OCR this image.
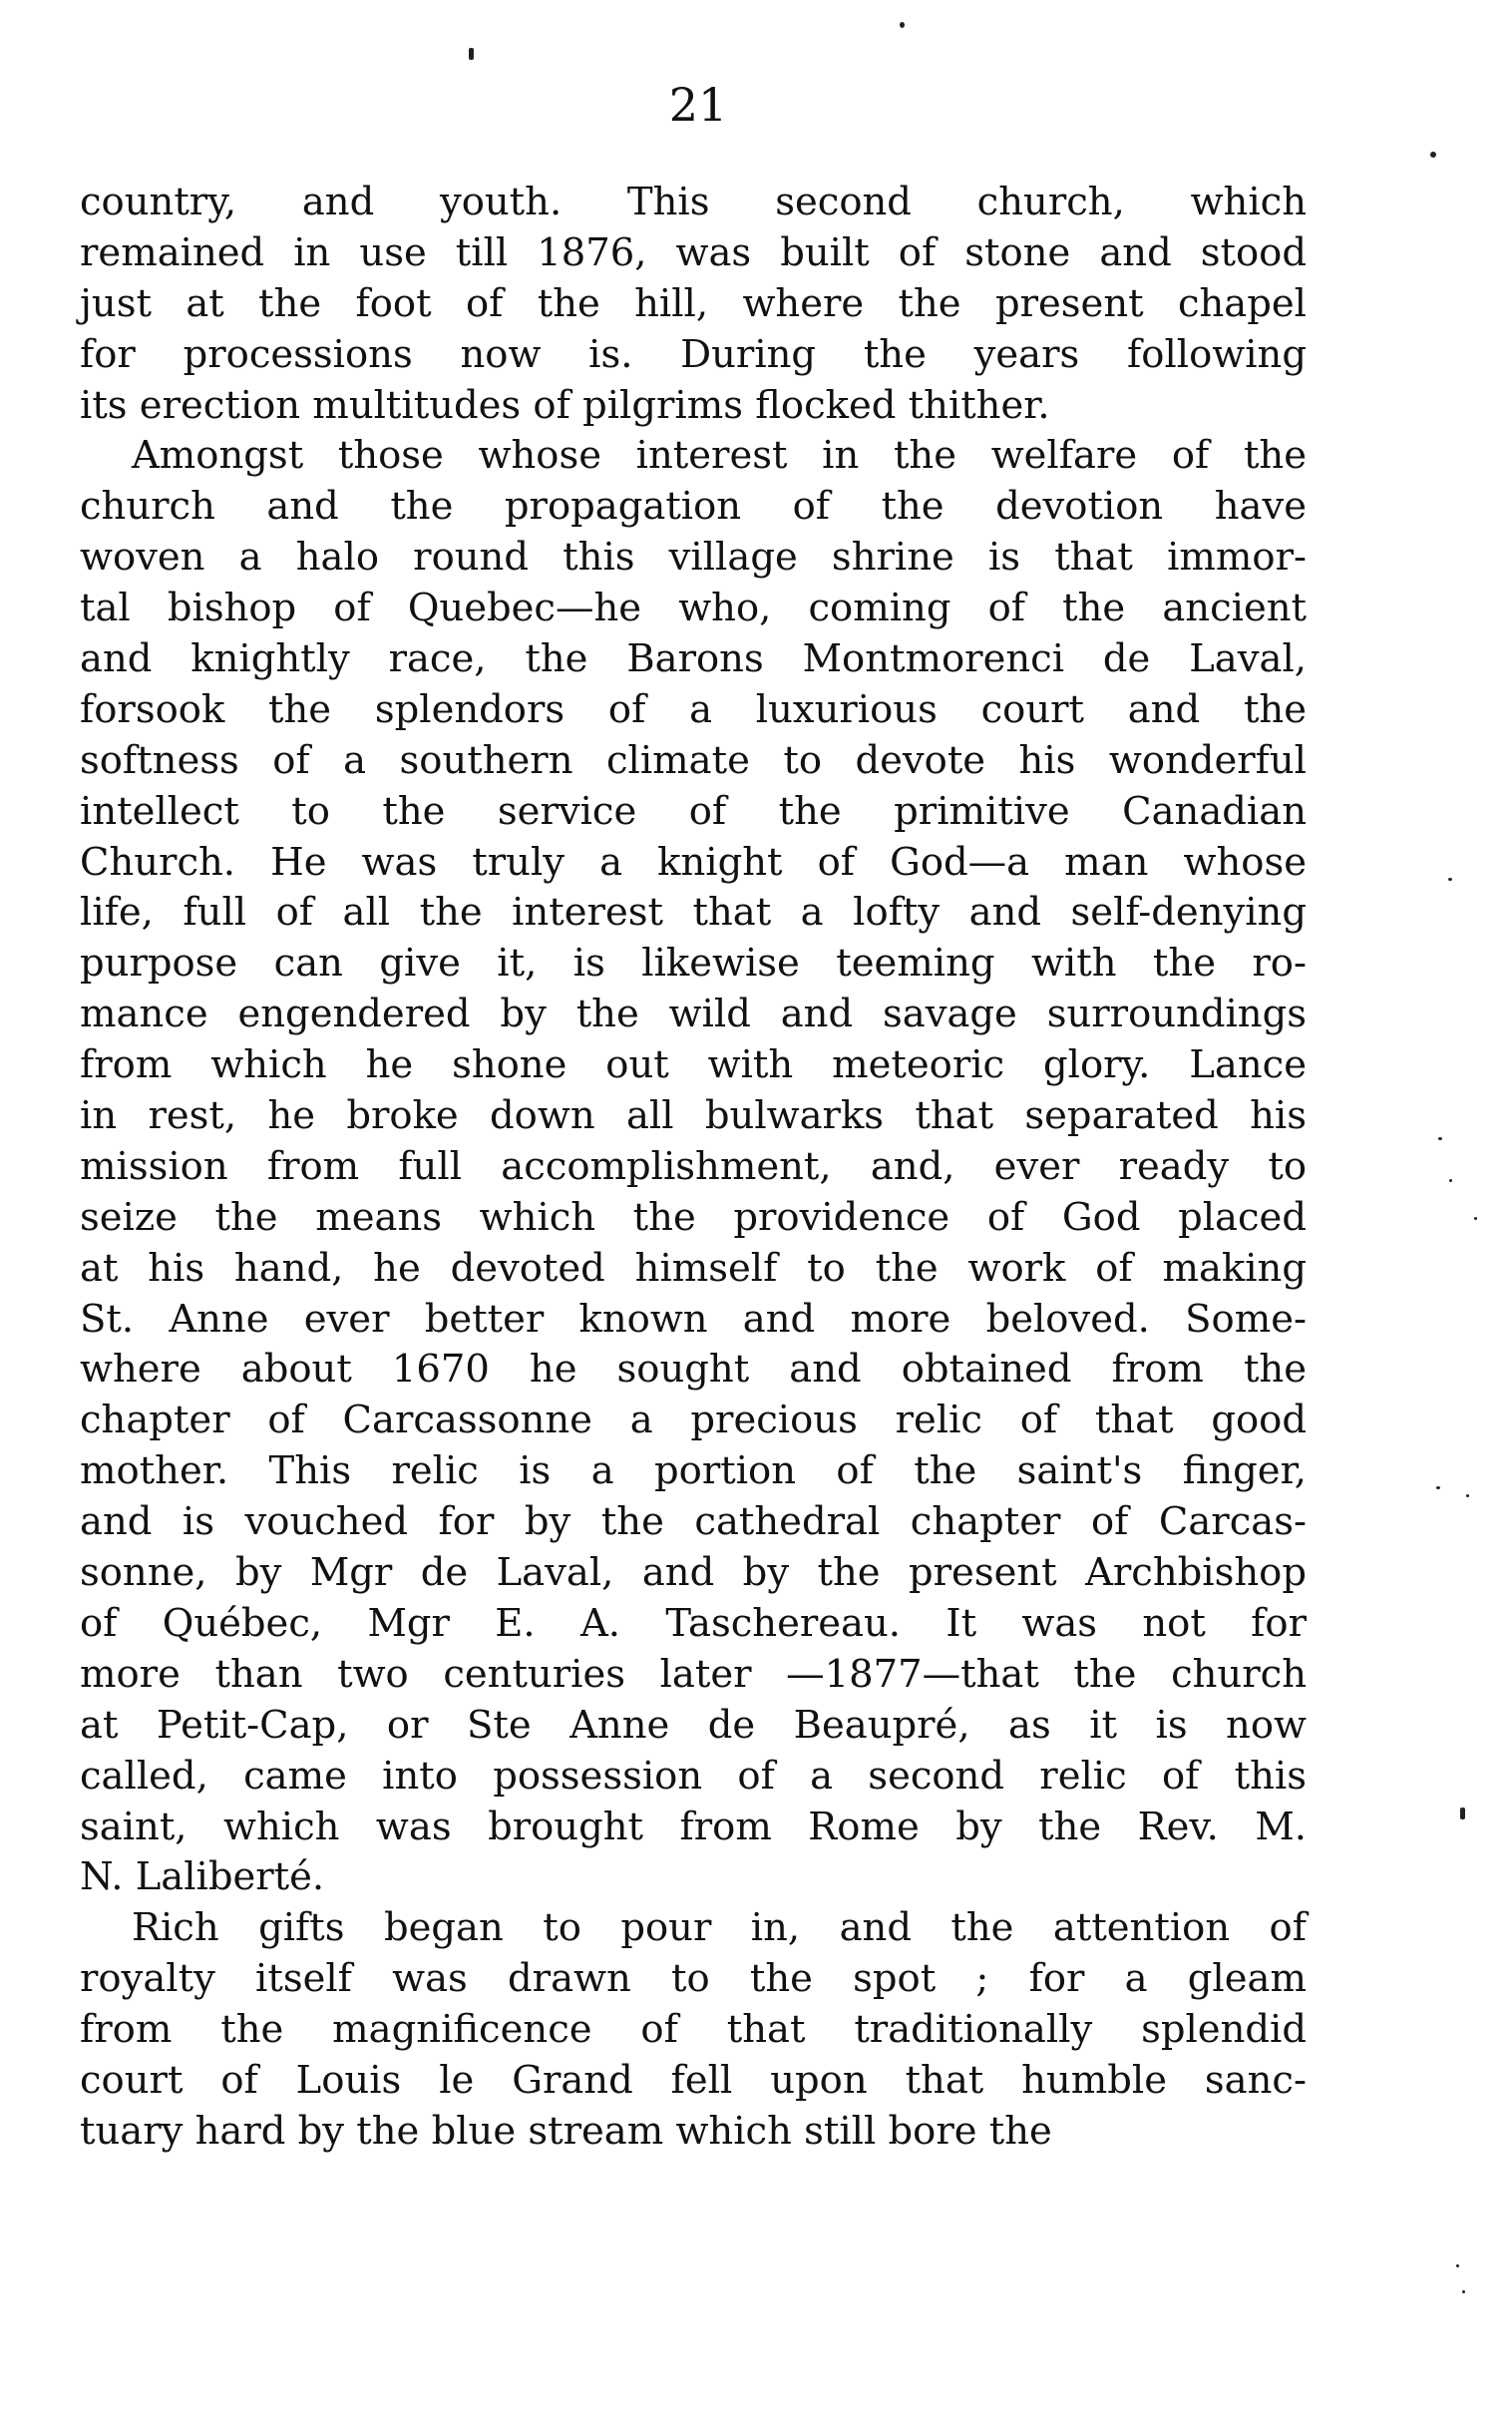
21
country, and youth. This second church, which
remained in use till 1876, was built of stone and stood
just at the foot of the hill, where the present chapel
for processions now is. During the years following
its erection multitudes of pilgrims flocked thither.
Amongst those whose interest in the welfare of the
church and the propagation of the devotion have
woven a halo round this village shrine is that immor-
tal bishop of Quebec—he who, coming of the ancient
and knightly race, the Barons Montmorenci de Laval,
forsook the splendors of a luxurious court and the
softness of a southern climate to devote his wonderful
intellect to the service of the primitive Canadian
Church. He was truly a knight of God—a man whose
life, full of all the interest that a lofty and self-denying
purpose can give it, is likewise teeming with the ro-
mance engendered by the wild and savage surroundings
from which he shone out with meteoric glory. Lance
in rest, he broke down all bulwarks that separated his
mission from full accomplishment, and, ever ready to
seize the means which the providence of God placed
at his hand, he devoted himself to the work of making
St. Anne ever better known and more beloved. Some-
where about 1670 he sought and obtained from the
chapter of Carcassonne a precious relic of that good
mother. This relic is a portion of the saint's finger,
and is vouched for by the cathedral chapter of Carcas-
sonne, by Mgr de Laval, and by the present Archbishop
of Québec, Mgr E. A. Taschereau. It was not for
more than two centuries later —1877—that the church
at Petit-Cap, or Ste Anne de Beaupré, as it is now
called, came into possession of a second relic of this
saint, which was brought from Rome by the Rev. M.
N. Laliberté.
Rich gifts began to pour in, and the attention of
royalty itself was drawn to the spot ; for a gleam
from the magnificence of that traditionally splendid
court of Louis le Grand fell upon that humble sanc-
tuary hard by the blue stream which still bore the
